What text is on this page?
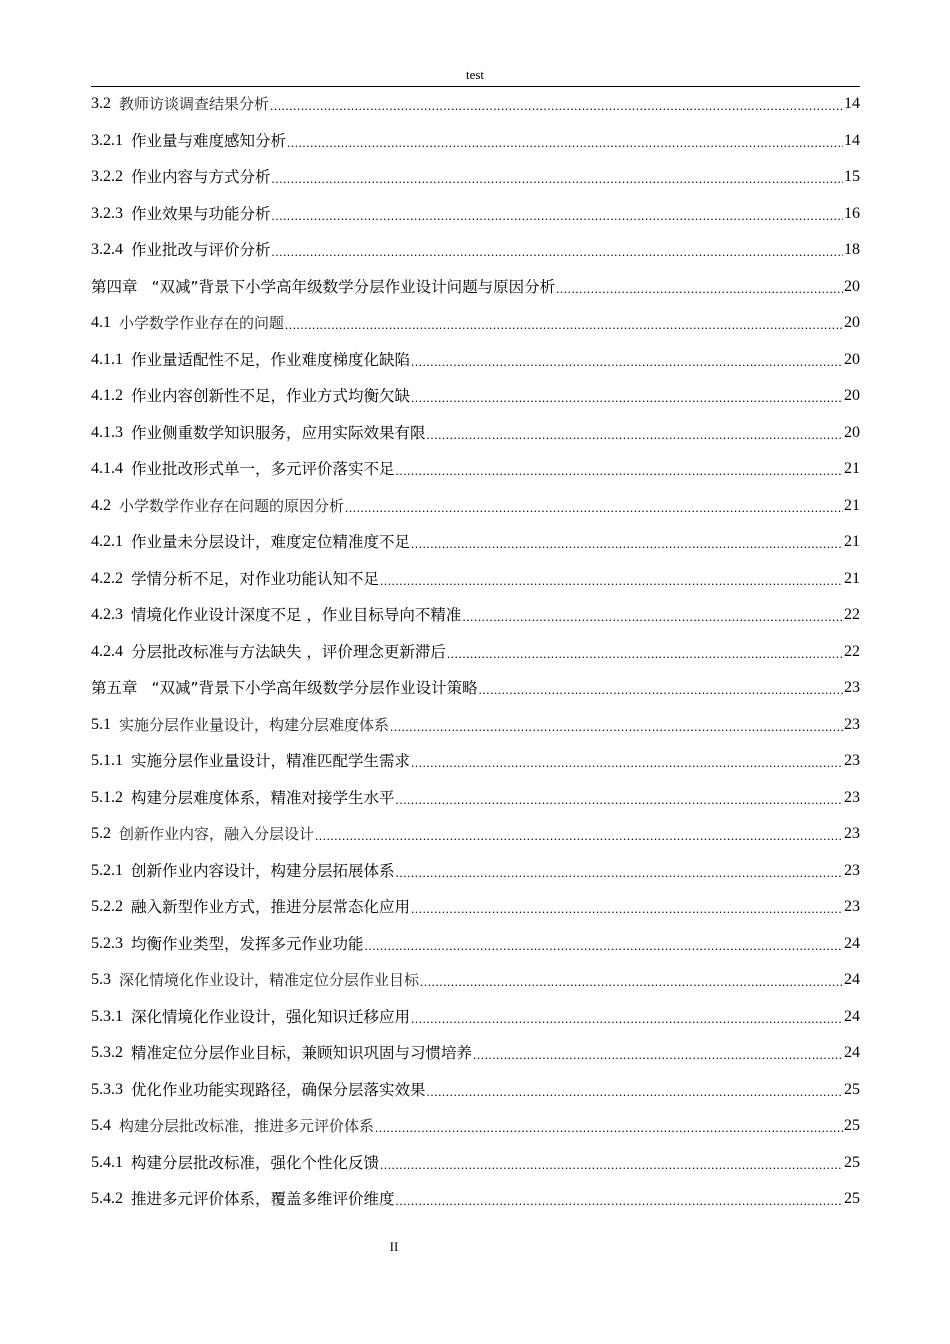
test
3.2 教师访谈调查结果分析 .....	14
3.2.1 作业量与难度感知分析 .....	14
3.2.2 作业内容与方式分析 .....	15
3.2.3 作业效果与功能分析 .....	16
3.2.4 作业批改与评价分析 .....	18
第四章 “双减”背景下小学高年级数学分层作业设计问题与原因分析 .....	20
4.1 小学数学作业存在的问题 .....	20
4.1.1 作业量适配性不足，作业难度梯度化缺陷 .....	20
4.1.2 作业内容创新性不足，作业方式均衡欠缺 .....	20
4.1.3 作业侧重数学知识服务，应用实际效果有限 .....	20
4.1.4 作业批改形式单一，多元评价落实不足 .....	21
4.2 小学数学作业存在问题的原因分析 .....	21
4.2.1 作业量未分层设计，难度定位精准度不足 .....	21
4.2.2 学情分析不足，对作业功能认知不足 .....	21
4.2.3 情境化作业设计深度不足 ，作业目标导向不精准 .....	22
4.2.4 分层批改标准与方法缺失 ，评价理念更新滞后 .....	22
第五章 “双减”背景下小学高年级数学分层作业设计策略 .....	23
5.1 实施分层作业量设计，构建分层难度体系 .....	23
5.1.1 实施分层作业量设计，精准匹配学生需求 .....	23
5.1.2 构建分层难度体系，精准对接学生水平 .....	23
5.2 创新作业内容，融入分层设计 .....	23
5.2.1 创新作业内容设计，构建分层拓展体系 .....	23
5.2.2 融入新型作业方式，推进分层常态化应用 .....	23
5.2.3 均衡作业类型，发挥多元作业功能 .....	24
5.3 深化情境化作业设计，精准定位分层作业目标 .....	24
5.3.1 深化情境化作业设计，强化知识迁移应用 .....	24
5.3.2 精准定位分层作业目标，兼顾知识巩固与习惯培养 .....	24
5.3.3 优化作业功能实现路径，确保分层落实效果 .....	25
5.4 构建分层批改标准，推进多元评价体系 .....	25
5.4.1 构建分层批改标准，强化个性化反馈 .....	25
5.4.2 推进多元评价体系，覆盖多维评价维度 .....	25
II
